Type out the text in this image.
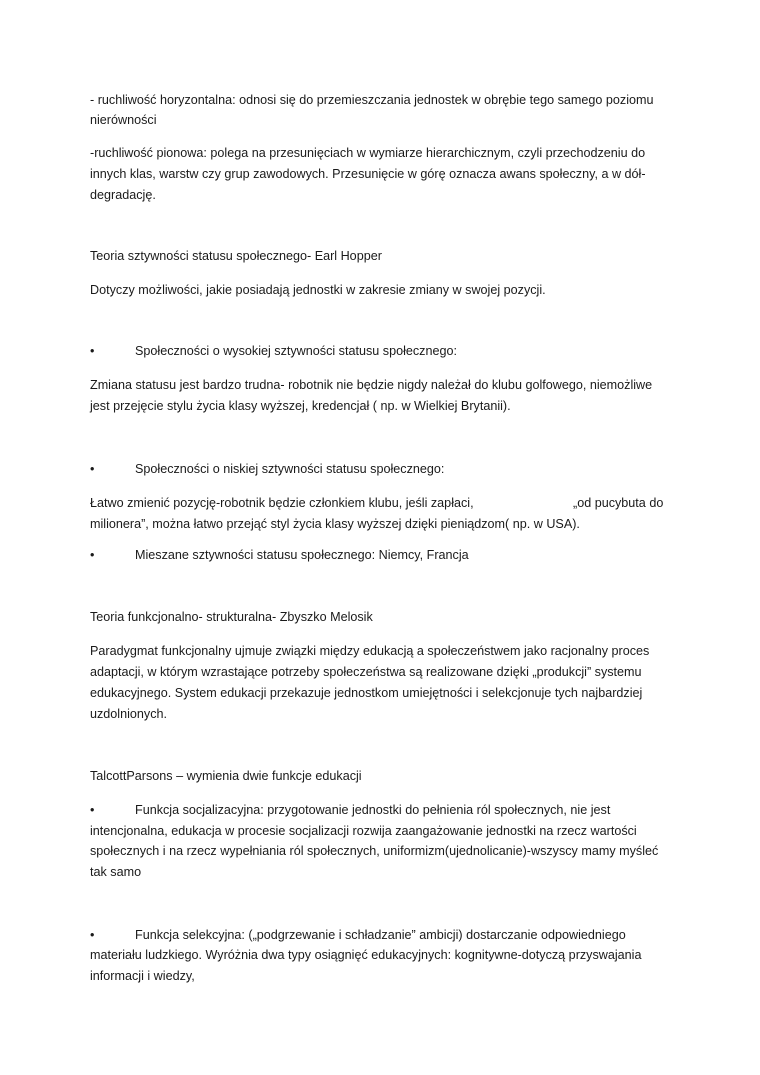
- ruchliwość horyzontalna: odnosi się do przemieszczania jednostek w obrębie tego samego poziomu
nierówności
-ruchliwość pionowa: polega na przesunięciach w wymiarze hierarchicznym, czyli przechodzeniu do
innych klas, warstw czy grup zawodowych. Przesunięcie w górę oznacza awans społeczny, a w dół-
degradację.
Teoria sztywności statusu społecznego- Earl Hopper
Dotyczy możliwości, jakie posiadają jednostki w zakresie zmiany w swojej pozycji.
•	Społeczności o wysokiej sztywności statusu społecznego:
Zmiana statusu jest bardzo trudna- robotnik nie będzie nigdy należał do klubu golfowego, niemożliwe
jest przejęcie stylu życia klasy wyższej, kredencjał ( np. w Wielkiej Brytanii).
•	Społeczności o niskiej sztywności statusu społecznego:
Łatwo zmienić pozycję-robotnik będzie członkiem klubu, jeśli zapłaci,	„od pucybuta do
milionera”, można łatwo przejąć styl życia klasy wyższej dzięki pieniądzom( np. w USA).
•	Mieszane sztywności statusu społecznego: Niemcy, Francja
Teoria funkcjonalno- strukturalna- Zbyszko Melosik
Paradygmat funkcjonalny ujmuje związki między edukacją a społeczeństwem jako racjonalny proces
adaptacji, w którym wzrastające potrzeby społeczeństwa są realizowane dzięki „produkcji” systemu
edukacyjnego. System edukacji przekazuje jednostkom umiejętności i selekcjonuje tych najbardziej
uzdolnionych.
TalcottParsons – wymienia dwie funkcje edukacji
•	Funkcja socjalizacyjna: przygotowanie jednostki do pełnienia ról społecznych, nie jest
intencjonalna, edukacja w procesie socjalizacji rozwija zaangażowanie jednostki na rzecz wartości
społecznych i na rzecz wypełniania ról społecznych, uniformizm(ujednolicanie)-wszyscy mamy myśleć
tak samo
•	Funkcja selekcyjna: („podgrzewanie i schładzanie” ambicji) dostarczanie odpowiedniego
materiału ludzkiego. Wyróżnia dwa typy osiągnięć edukacyjnych: kognitywne-dotyczą przyswajania
informacji i wiedzy,
